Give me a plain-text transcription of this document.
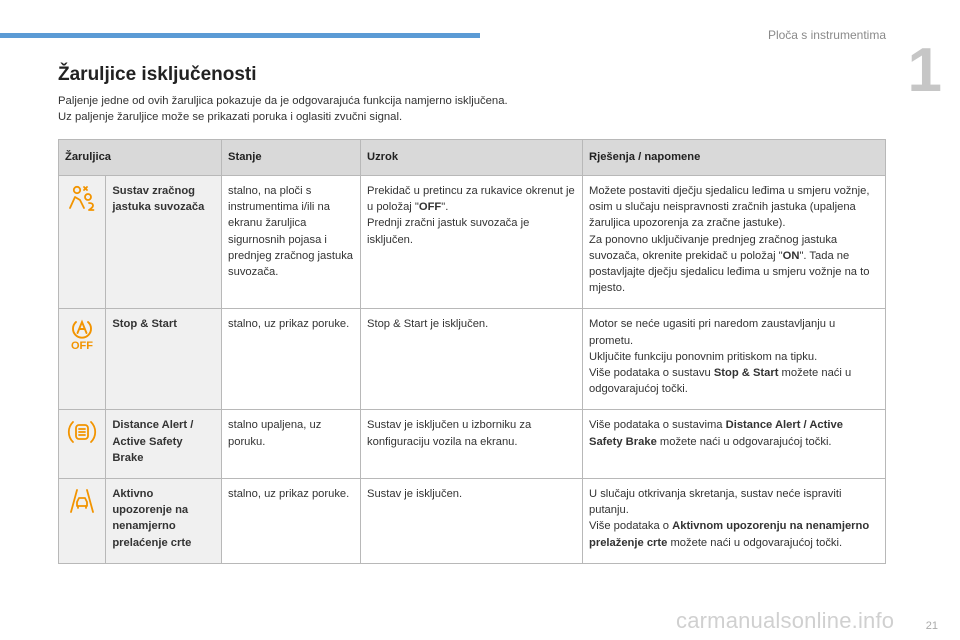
Ploča s instrumentima
1
Žaruljice isključenosti

Paljenje jedne od ovih žaruljica pokazuje da je odgovarajuća funkcija namjerno isključena.

Uz paljenje žaruljice može se prikazati poruka i oglasiti zvučni signal.

Žaruljica		Stanje	Uzrok	Rješenja / napomene
	Sustav zračnog jastuka suvozača	stalno, na ploči s instrumentima i/ili na ekranu žaruljica sigurnosnih pojasa i prednjeg zračnog jastuka suvozača.	Prekidač u pretincu za rukavice okrenut je u položaj "OFF".
Prednji zračni jastuk suvozača je isključen.	Možete postaviti dječju sjedalicu leđima u smjeru vožnje, osim u slučaju neispravnosti zračnih jastuka (upaljena žaruljica upozorenja za zračne jastuke).
Za ponovno uključivanje prednjeg zračnog jastuka suvozača, okrenite prekidač u položaj "ON". Tada ne postavljajte dječju sjedalicu leđima u smjeru vožnje na to mjesto.

OFF	Stop & Start	stalno, uz prikaz poruke.	Stop & Start je isključen.	Motor se neće ugasiti pri naredom zaustavljanju u prometu.
Uključite funkciju ponovnim pritiskom na tipku.
Više podataka o sustavu Stop & Start možete naći u odgovarajućoj točki.

	Distance Alert / Active Safety Brake	stalno upaljena, uz poruku.	Sustav je isključen u izborniku za konfiguraciju vozila na ekranu.	Više podataka o sustavima Distance Alert / Active Safety Brake možete naći u odgovarajućoj točki.

	Aktivno upozorenje na nenamjerno prelaćenje crte	stalno, uz prikaz poruke.	Sustav je isključen.	U slučaju otkrivanja skretanja, sustav neće ispraviti putanju.
Više podataka o Aktivnom upozorenju na nenamjerno prelaženje crte možete naći u odgovarajućoj točki.
carmanualsonline.info	21
